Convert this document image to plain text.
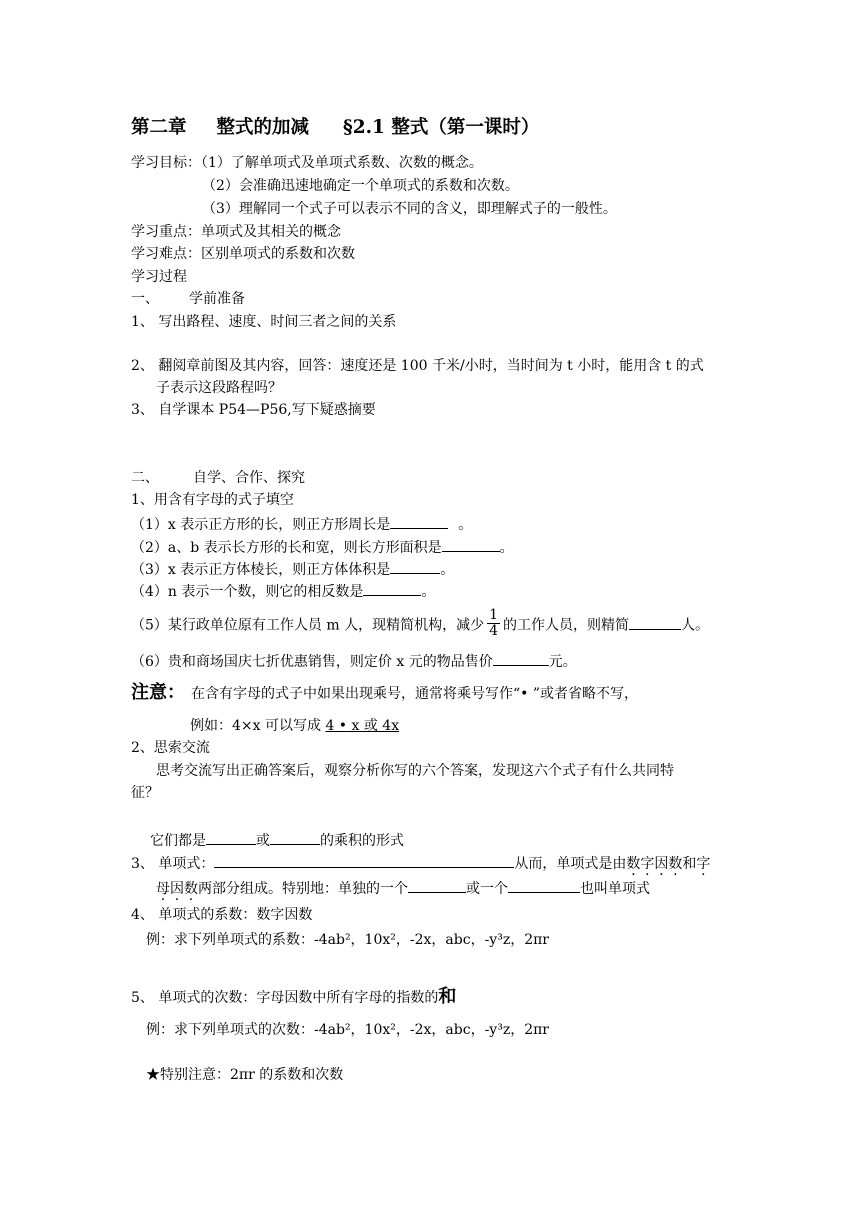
第二章 整式的加减 §2.1 整式（第一课时）
学习目标：（1）了解单项式及单项式系数、次数的概念。
（2）会准确迅速地确定一个单项式的系数和次数。
（3）理解同一个式子可以表示不同的含义，即理解式子的一般性。
学习重点：单项式及其相关的概念
学习难点：区别单项式的系数和次数
学习过程
一、 学前准备
1、 写出路程、速度、时间三者之间的关系
2、 翻阅章前图及其内容，回答：速度还是 100 千米/小时，当时间为 t 小时，能用含 t 的式
子表示这段路程吗？
3、 自学课本 P54—P56,写下疑惑摘要
二、 自学、合作、探究
1、用含有字母的式子填空
（1）x 表示正方形的长，则正方形周长是	。
（2）a、b 表示长方形的长和宽，则长方形面积是	。
（3）x 表示正方体棱长，则正方体体积是	。
（4）n 表示一个数，则它的相反数是	。
（5）某行政单位原有工作人员 m 人，现精简机构，减少 $\frac{1}{4}$ 的工作人员，则精简	人。
（6）贵和商场国庆七折优惠销售，则定价 x 元的物品售价	元。
注意： 在含有字母的式子中如果出现乘号，通常将乘号写作“• ”或者省略不写，
例如：4×x 可以写成 4 • x 或 4x
2、思索交流
思考交流写出正确答案后，观察分析你写的六个答案，发现这六个式子有什么共同特
征？
它们都是	或	的乘积的形式
3、 单项式：	从而，单项式是由数字因数和字
母因数两部分组成。特别地：单独的一个	或一个	也叫单项式
4、 单项式的系数：数字因数
例：求下列单项式的系数：-4ab²，10x²，-2x，abc，-y³z，2πr
5、 单项式的次数：字母因数中所有字母的指数的和
例：求下列单项式的次数：-4ab²，10x²，-2x，abc，-y³z，2πr
★特别注意：2πr 的系数和次数
